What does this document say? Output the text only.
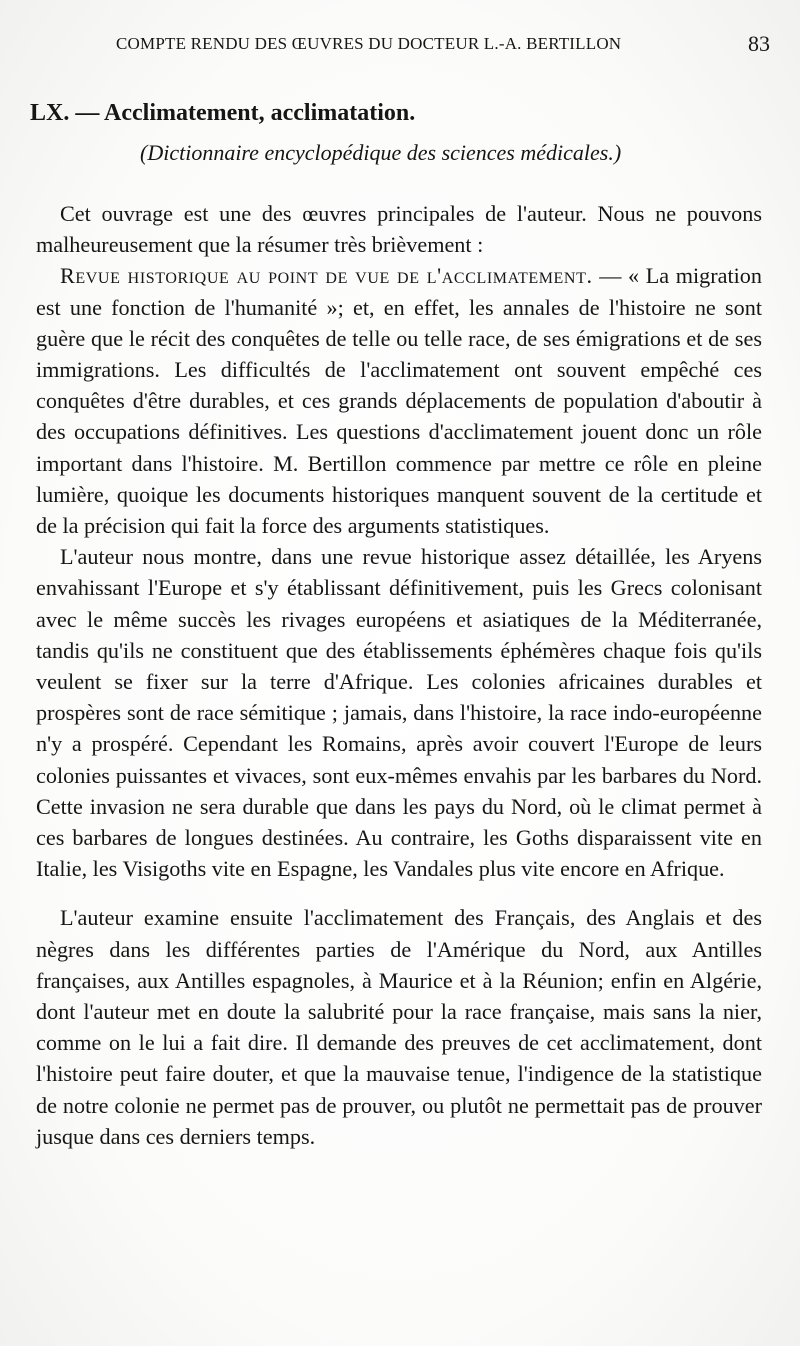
COMPTE RENDU DES ŒUVRES DU DOCTEUR L.-A. BERTILLON	83
LX. — Acclimatement, acclimatation.
(Dictionnaire encyclopédique des sciences médicales.)

Cet ouvrage est une des œuvres principales de l'auteur. Nous ne pouvons malheureusement que la résumer très brièvement :

Revue historique au point de vue de l'acclimatement. — « La migration est une fonction de l'humanité »; et, en effet, les annales de l'histoire ne sont guère que le récit des conquêtes de telle ou telle race, de ses émigrations et de ses immigrations. Les difficultés de l'acclimatement ont souvent empêché ces conquêtes d'être durables, et ces grands déplacements de population d'aboutir à des occupations définitives. Les questions d'acclimatement jouent donc un rôle important dans l'histoire. M. Bertillon commence par mettre ce rôle en pleine lumière, quoique les documents historiques manquent souvent de la certitude et de la précision qui fait la force des arguments statistiques.

L'auteur nous montre, dans une revue historique assez détaillée, les Aryens envahissant l'Europe et s'y établissant définitivement, puis les Grecs colonisant avec le même succès les rivages européens et asiatiques de la Méditerranée, tandis qu'ils ne constituent que des établissements éphémères chaque fois qu'ils veulent se fixer sur la terre d'Afrique. Les colonies africaines durables et prospères sont de race sémitique ; jamais, dans l'histoire, la race indo-européenne n'y a prospéré. Cependant les Romains, après avoir couvert l'Europe de leurs colonies puissantes et vivaces, sont eux-mêmes envahis par les barbares du Nord. Cette invasion ne sera durable que dans les pays du Nord, où le climat permet à ces barbares de longues destinées. Au contraire, les Goths disparaissent vite en Italie, les Visigoths vite en Espagne, les Vandales plus vite encore en Afrique.

L'auteur examine ensuite l'acclimatement des Français, des Anglais et des nègres dans les différentes parties de l'Amérique du Nord, aux Antilles françaises, aux Antilles espagnoles, à Maurice et à la Réunion; enfin en Algérie, dont l'auteur met en doute la salubrité pour la race française, mais sans la nier, comme on le lui a fait dire. Il demande des preuves de cet acclimatement, dont l'histoire peut faire douter, et que la mauvaise tenue, l'indigence de la statistique de notre colonie ne permet pas de prouver, ou plutôt ne permettait pas de prouver jusque dans ces derniers temps.
